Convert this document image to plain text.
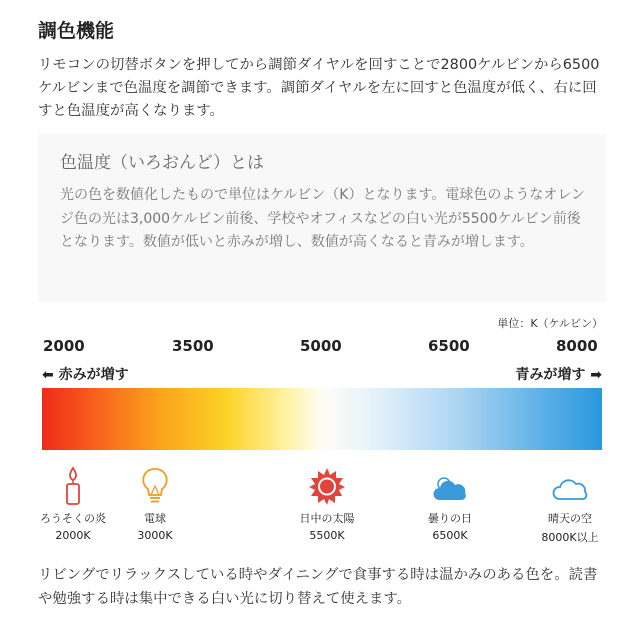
調色機能
リモコンの切替ボタンを押してから調節ダイヤルを回すことで2800ケルビンから6500ケルビンまで色温度を調節できます。調節ダイヤルを左に回すと色温度が低く、右に回すと色温度が高くなります。
色温度（いろおんど）とは
光の色を数値化したもので単位はケルビン（K）となります。電球色のようなオレンジ色の光は3,000ケルビン前後、学校やオフィスなどの白い光が5500ケルビン前後となります。数値が低いと赤みが増し、数値が高くなると青みが増します。
単位：K（ケルビン）
2000	3500	5000	6500	8000
⬅ 赤みが増す	青みが増す ➡
ろうそくの炎
2000K
電球
3000K
日中の太陽
5500K
曇りの日
6500K
晴天の空
8000K以上
リビングでリラックスしている時やダイニングで食事する時は温かみのある色を。読書や勉強する時は集中できる白い光に切り替えて使えます。
